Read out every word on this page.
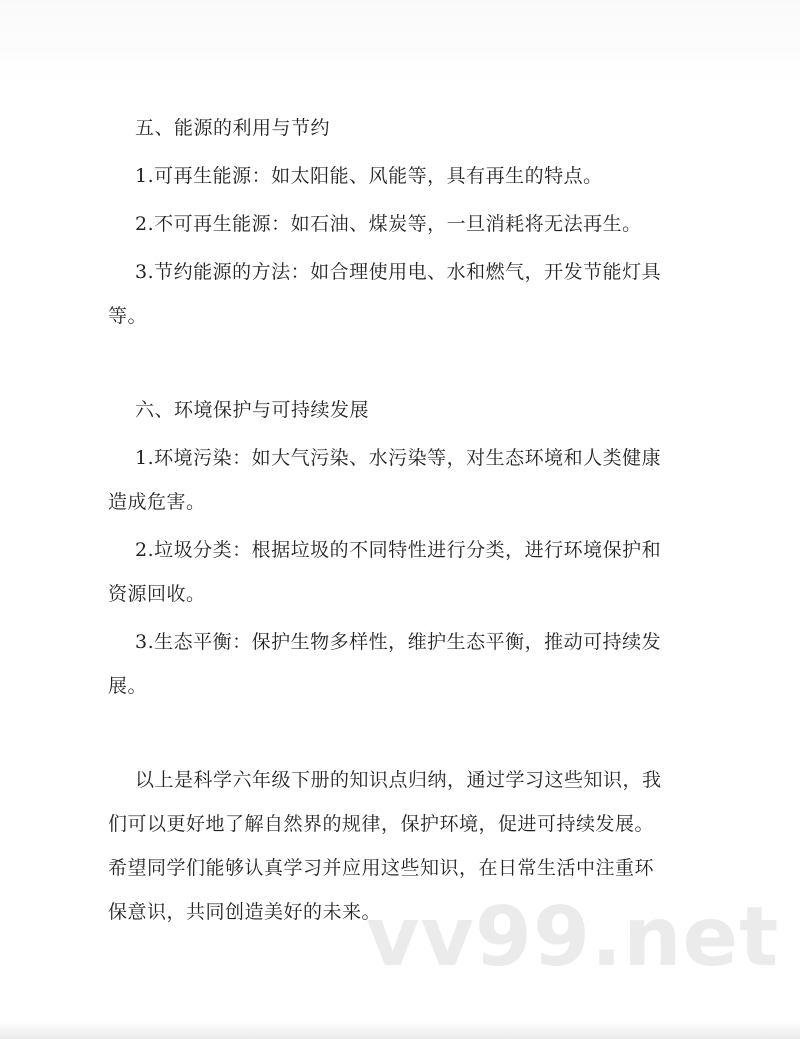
五、能源的利用与节约
1.可再生能源：如太阳能、风能等，具有再生的特点。
2.不可再生能源：如石油、煤炭等，一旦消耗将无法再生。
3.节约能源的方法：如合理使用电、水和燃气，开发节能灯具
等。
六、环境保护与可持续发展
1.环境污染：如大气污染、水污染等，对生态环境和人类健康
造成危害。
2.垃圾分类：根据垃圾的不同特性进行分类，进行环境保护和
资源回收。
3.生态平衡：保护生物多样性，维护生态平衡，推动可持续发
展。
以上是科学六年级下册的知识点归纳，通过学习这些知识，我
们可以更好地了解自然界的规律，保护环境，促进可持续发展。
希望同学们能够认真学习并应用这些知识，在日常生活中注重环
保意识，共同创造美好的未来。
vv99.net
